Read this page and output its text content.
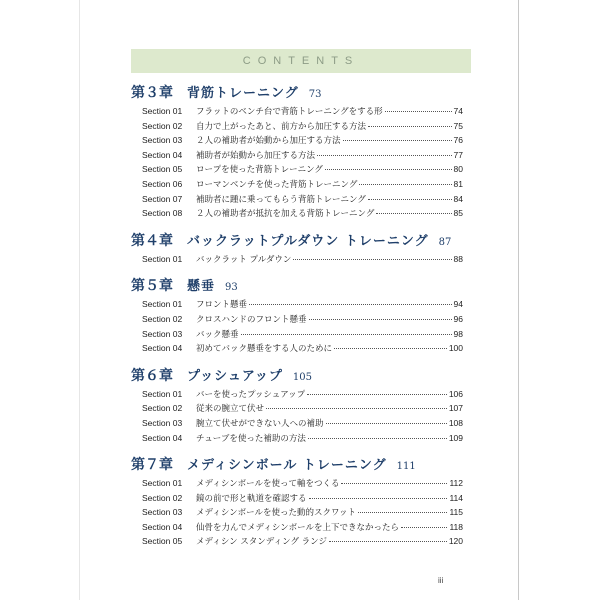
CONTENTS
第３章 背筋トレーニング 73
Section 01	フラットのベンチ台で背筋トレーニングをする形	74
Section 02	自力で上がったあと、前方から加圧する方法	75
Section 03	２人の補助者が始動から加圧する方法	76
Section 04	補助者が始動から加圧する方法	77
Section 05	ロープを使った背筋トレーニング	80
Section 06	ローマンベンチを使った背筋トレーニング	81
Section 07	補助者に踵に乗ってもらう背筋トレーニング	84
Section 08	２人の補助者が抵抗を加える背筋トレーニング	85
第４章 バックラットプルダウン トレーニング 87
Section 01	バックラット プルダウン	88
第５章 懸垂 93
Section 01	フロント懸垂	94
Section 02	クロスハンドのフロント懸垂	96
Section 03	バック懸垂	98
Section 04	初めてバック懸垂をする人のために	100
第６章 プッシュアップ 105
Section 01	バーを使ったプッシュアップ	106
Section 02	従来の腕立て伏せ	107
Section 03	腕立て伏せができない人への補助	108
Section 04	チューブを使った補助の方法	109
第７章 メディシンボール トレーニング 111
Section 01	メディシンボールを使って軸をつくる	112
Section 02	鏡の前で形と軌道を確認する	114
Section 03	メディシンボールを使った動的スクワット	115
Section 04	仙骨を力んでメディシンボールを上下できなかったら	118
Section 05	メディシン スタンディング ランジ	120
iii
